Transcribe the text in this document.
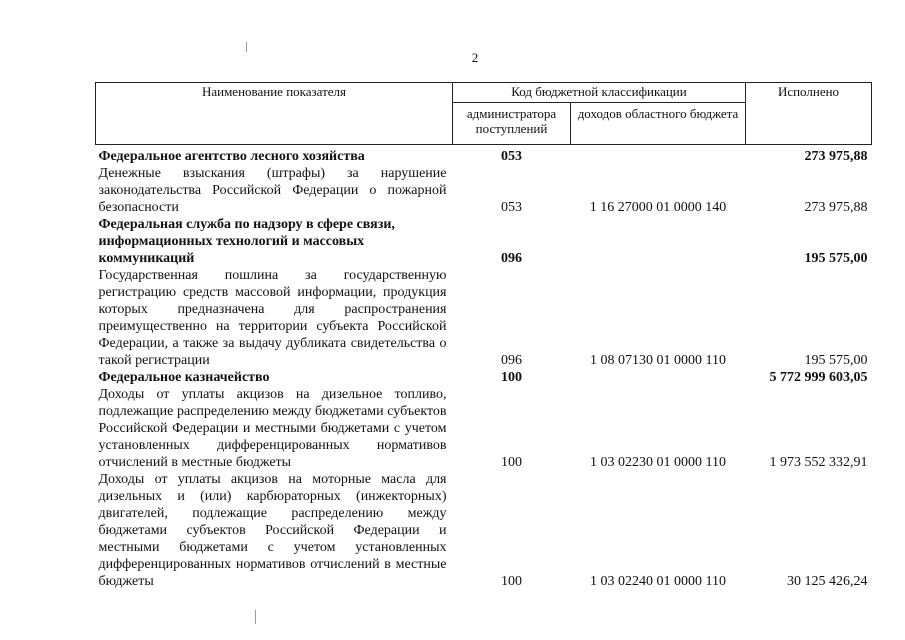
2
Наименование показателя	Код бюджетной классификации		Исполнено
	администратора поступлений	доходов областного бюджета	
Федеральное агентство лесного хозяйства	053		273 975,88
Денежные взыскания (штрафы) за нарушение законодательства Российской Федерации о пожарной безопасности	053	1 16 27000 01 0000 140	273 975,88
Федеральная служба по надзору в сфере связи, информационных технологий и массовых коммуникаций	096		195 575,00
Государственная пошлина за государственную регистрацию средств массовой информации, продукция которых предназначена для распространения преимущественно на территории субъекта Российской Федерации, а также за выдачу дубликата свидетельства о такой регистрации	096	1 08 07130 01 0000 110	195 575,00
Федеральное казначейство	100		5 772 999 603,05
Доходы от уплаты акцизов на дизельное топливо, подлежащие распределению между бюджетами субъектов Российской Федерации и местными бюджетами с учетом установленных дифференцированных нормативов отчислений в местные бюджеты	100	1 03 02230 01 0000 110	1 973 552 332,91
Доходы от уплаты акцизов на моторные масла для дизельных и (или) карбюраторных (инжекторных) двигателей, подлежащие распределению между бюджетами субъектов Российской Федерации и местными бюджетами с учетом установленных дифференцированных нормативов отчислений в местные бюджеты	100	1 03 02240 01 0000 110	30 125 426,24
